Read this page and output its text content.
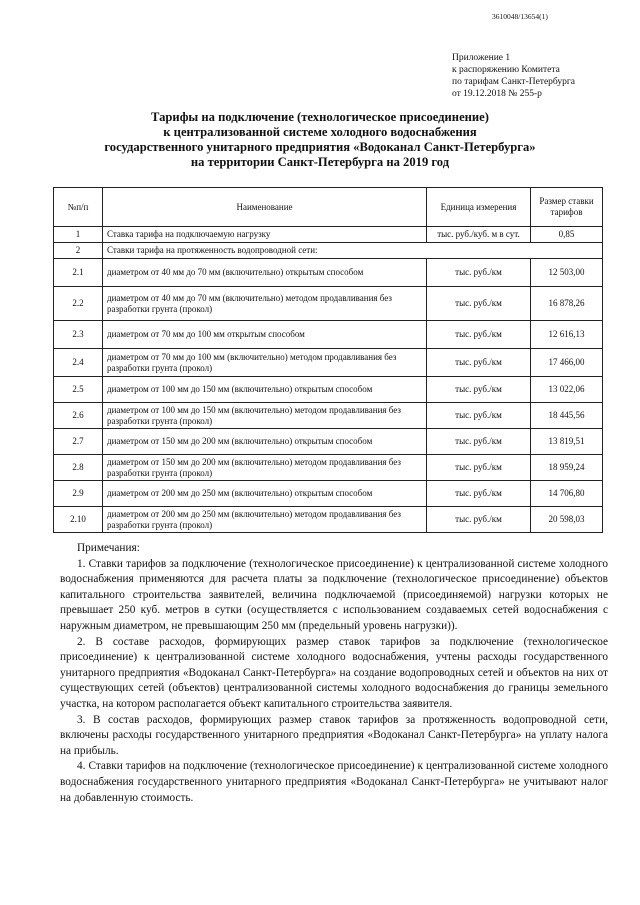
3610048/13654(1)
Приложение 1
к распоряжению Комитета
по тарифам Санкт-Петербурга
от 19.12.2018 № 255-р
Тарифы на подключение (технологическое присоединение)
к централизованной системе холодного водоснабжения
государственного унитарного предприятия «Водоканал Санкт-Петербурга»
на территории Санкт-Петербурга на 2019 год
№п/п	Наименование	Единица измерения	Размер ставки тарифов
1	Ставка тарифа на подключаемую нагрузку	тыс. руб./куб. м в сут.	0,85
2	Ставки тарифа на протяженность водопроводной сети:		
2.1	диаметром от 40 мм до 70 мм (включительно) открытым способом	тыс. руб./км	12 503,00
2.2	диаметром от 40 мм до 70 мм (включительно) методом продавливания без разработки грунта (прокол)	тыс. руб./км	16 878,26
2.3	диаметром от 70 мм до 100 мм открытым способом	тыс. руб./км	12 616,13
2.4	диаметром от 70 мм до 100 мм (включительно) методом продавливания без разработки грунта (прокол)	тыс. руб./км	17 466,00
2.5	диаметром от 100 мм до 150 мм (включительно) открытым способом	тыс. руб./км	13 022,06
2.6	диаметром от 100 мм до 150 мм (включительно) методом продавливания без разработки грунта (прокол)	тыс. руб./км	18 445,56
2.7	диаметром от 150 мм до 200 мм (включительно) открытым способом	тыс. руб./км	13 819,51
2.8	диаметром от 150 мм до 200 мм (включительно) методом продавливания без разработки грунта (прокол)	тыс. руб./км	18 959,24
2.9	диаметром от 200 мм до 250 мм (включительно) открытым способом	тыс. руб./км	14 706,80
2.10	диаметром от 200 мм до 250 мм (включительно) методом продавливания без разработки грунта (прокол)	тыс. руб./км	20 598,03

Примечания:

1. Ставки тарифов за подключение (технологическое присоединение) к централизованной системе холодного водоснабжения применяются для расчета платы за подключение (технологическое присоединение) объектов капитального строительства заявителей, величина подключаемой (присоединяемой) нагрузки которых не превышает 250 куб. метров в сутки (осуществляется с использованием создаваемых сетей водоснабжения с наружным диаметром, не превышающим 250 мм (предельный уровень нагрузки)).

2. В составе расходов, формирующих размер ставок тарифов за подключение (технологическое присоединение) к централизованной системе холодного водоснабжения, учтены расходы государственного унитарного предприятия «Водоканал Санкт-Петербурга» на создание водопроводных сетей и объектов на них от существующих сетей (объектов) централизованной системы холодного водоснабжения до границы земельного участка, на котором располагается объект капитального строительства заявителя.

3. В состав расходов, формирующих размер ставок тарифов за протяженность водопроводной сети, включены расходы государственного унитарного предприятия «Водоканал Санкт-Петербурга» на уплату налога на прибыль.

4. Ставки тарифов на подключение (технологическое присоединение) к централизованной системе холодного водоснабжения государственного унитарного предприятия «Водоканал Санкт-Петербурга» не учитывают налог на добавленную стоимость.
